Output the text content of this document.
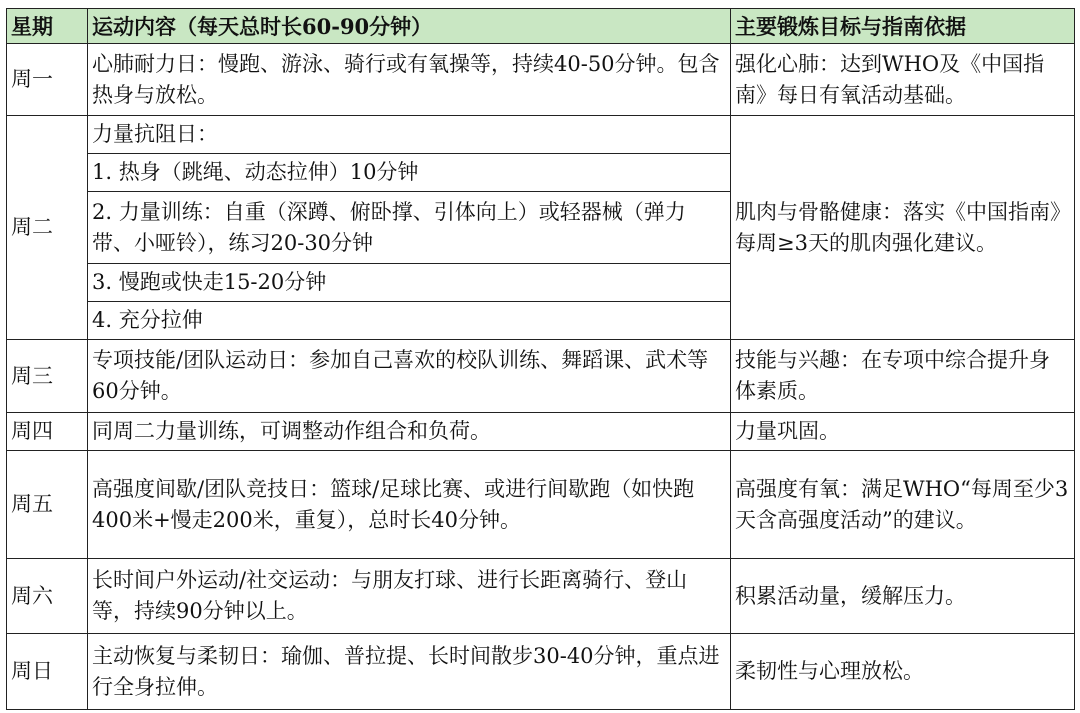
星期	运动内容（每天总时长60-90分钟）	主要锻炼目标与指南依据
周一	心肺耐力日：慢跑、游泳、骑行或有氧操等，持续40-50分钟。包含热身与放松。	强化心肺：达到WHO及《中国指南》每日有氧活动基础。
周二	力量抗阻日：	肌肉与骨骼健康：落实《中国指南》每周≥3天的肌肉强化建议。
	1. 热身（跳绳、动态拉伸）10分钟	
	2. 力量训练：自重（深蹲、俯卧撑、引体向上）或轻器械（弹力带、小哑铃），练习20-30分钟	
	3. 慢跑或快走15-20分钟	
	4. 充分拉伸	
周三	专项技能/团队运动日：参加自己喜欢的校队训练、舞蹈课、武术等60分钟。	技能与兴趣：在专项中综合提升身体素质。
周四	同周二力量训练，可调整动作组合和负荷。	力量巩固。
周五	高强度间歇/团队竞技日：篮球/足球比赛、或进行间歇跑（如快跑400米+慢走200米，重复），总时长40分钟。	高强度有氧：满足WHO“每周至少3天含高强度活动”的建议。
周六	长时间户外运动/社交运动：与朋友打球、进行长距离骑行、登山等，持续90分钟以上。	积累活动量，缓解压力。
周日	主动恢复与柔韧日：瑜伽、普拉提、长时间散步30-40分钟，重点进行全身拉伸。	柔韧性与心理放松。
